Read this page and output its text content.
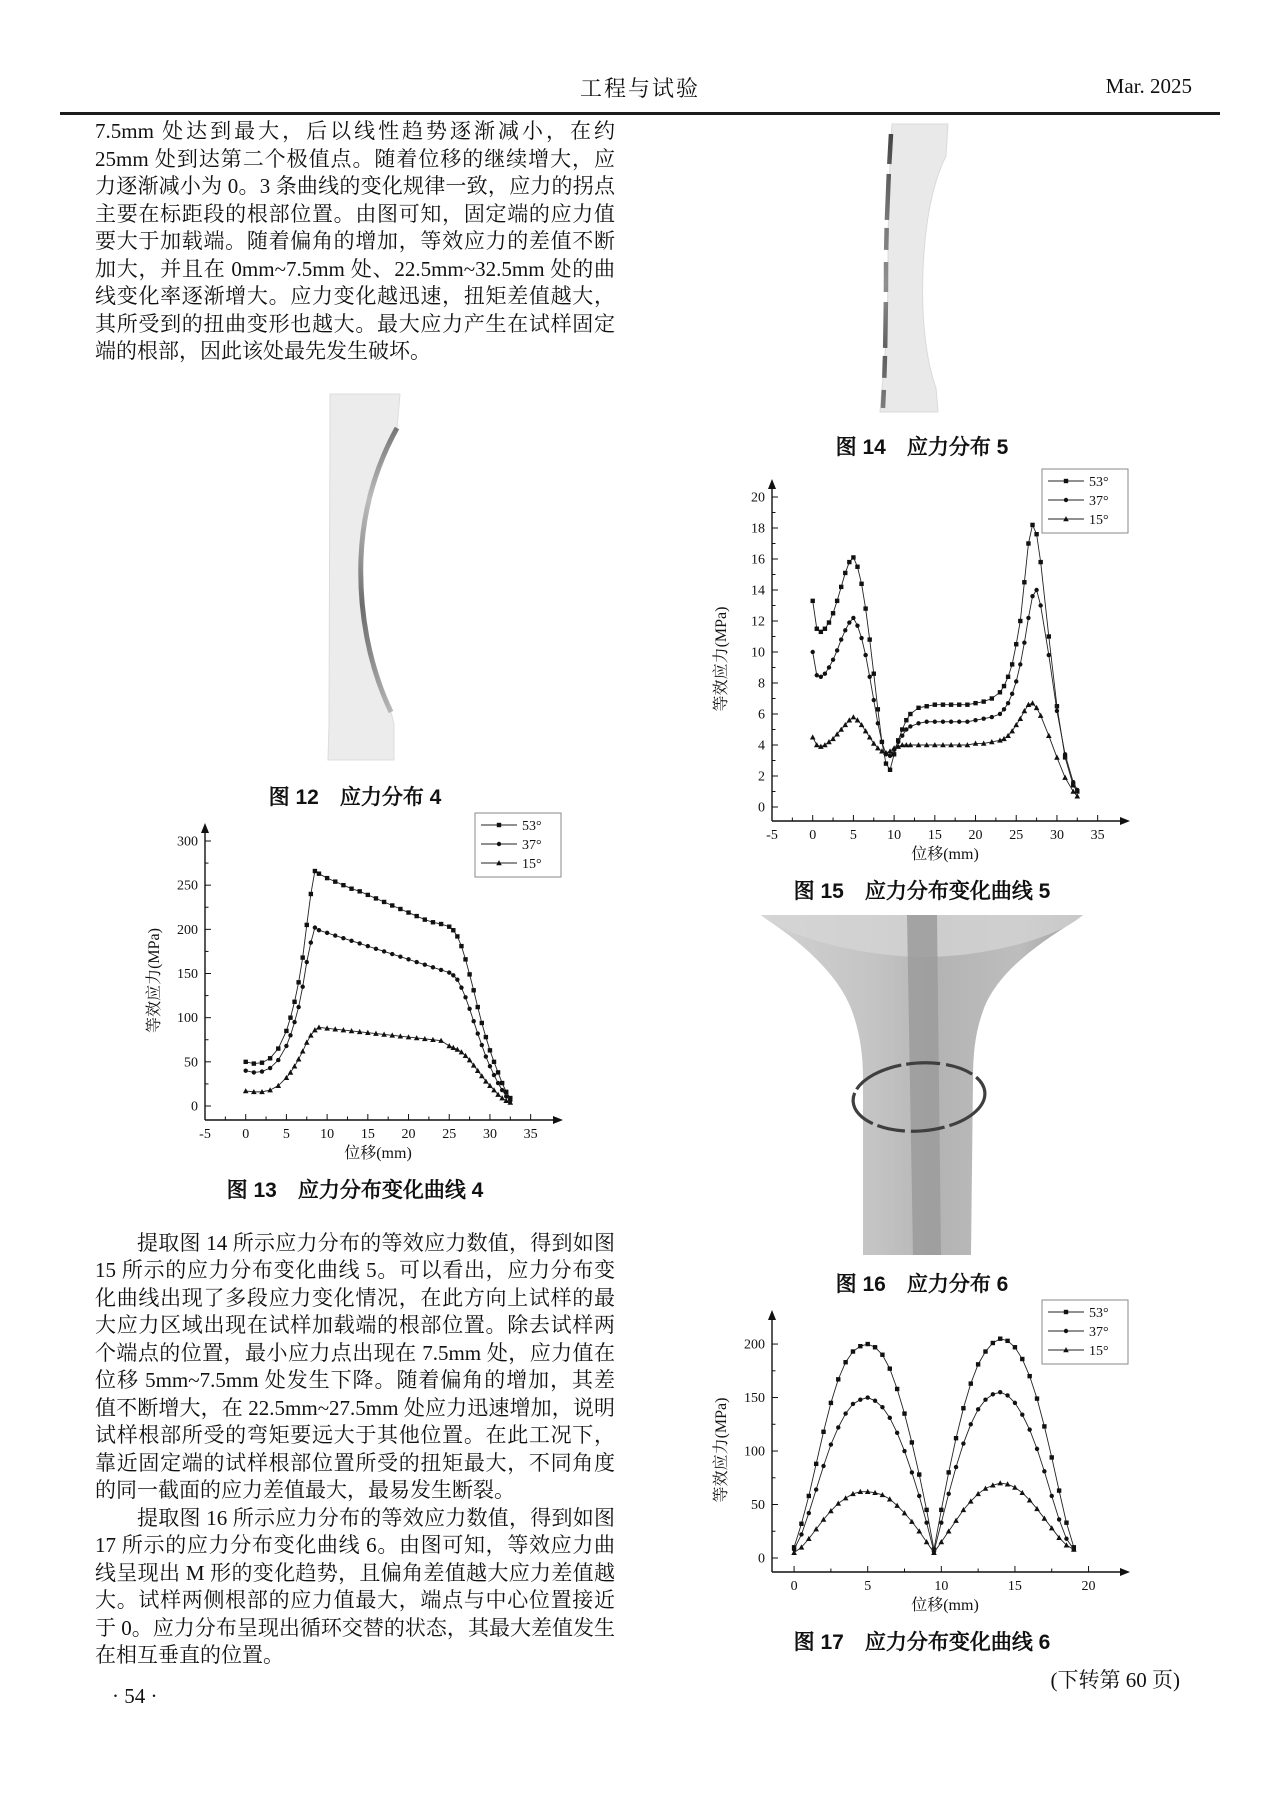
工程与试验	Mar. 2025
7.5mm 处达到最大，后以线性趋势逐渐减小，在约 25mm 处到达第二个极值点。随着位移的继续增大，应力逐渐减小为 0。3 条曲线的变化规律一致，应力的拐点主要在标距段的根部位置。由图可知，固定端的应力值要大于加载端。随着偏角的增加，等效应力的差值不断加大，并且在 0mm~7.5mm 处、22.5mm~32.5mm 处的曲线变化率逐渐增大。应力变化越迅速，扭矩差值越大，其所受到的扭曲变形也越大。最大应力产生在试样固定端的根部，因此该处最先发生破坏。
图 12　应力分布 4
-5 0 5 10 15 20 25 30 35
0
50
100
150
200
250
300
位移(mm)
等效应力(MPa)
53°
37°
15°
图 13　应力分布变化曲线 4
提取图 14 所示应力分布的等效应力数值，得到如图 15 所示的应力分布变化曲线 5。可以看出，应力分布变化曲线出现了多段应力变化情况，在此方向上试样的最大应力区域出现在试样加载端的根部位置。除去试样两个端点的位置，最小应力点出现在 7.5mm 处，应力值在位移 5mm~7.5mm 处发生下降。随着偏角的增加，其差值不断增大，在 22.5mm~27.5mm 处应力迅速增加，说明试样根部所受的弯矩要远大于其他位置。在此工况下，靠近固定端的试样根部位置所受的扭矩最大，不同角度的同一截面的应力差值最大，最易发生断裂。
提取图 16 所示应力分布的等效应力数值，得到如图 17 所示的应力分布变化曲线 6。由图可知，等效应力曲线呈现出 M 形的变化趋势，且偏角差值越大应力差值越大。试样两侧根部的应力值最大，端点与中心位置接近于 0。应力分布呈现出循环交替的状态，其最大差值发生在相互垂直的位置。
图 14　应力分布 5
-5 0 5 10 15 20 25 30 35
0
2
4
6
8
10
12
14
16
18
20
位移(mm)
等效应力(MPa)
53°
37°
15°
图 15　应力分布变化曲线 5
图 16　应力分布 6
0	5	10	15	20
0
50
100
150
200
位移(mm)
等效应力(MPa)
53°
37°
15°
图 17　应力分布变化曲线 6
(下转第 60 页)
· 54 ·
